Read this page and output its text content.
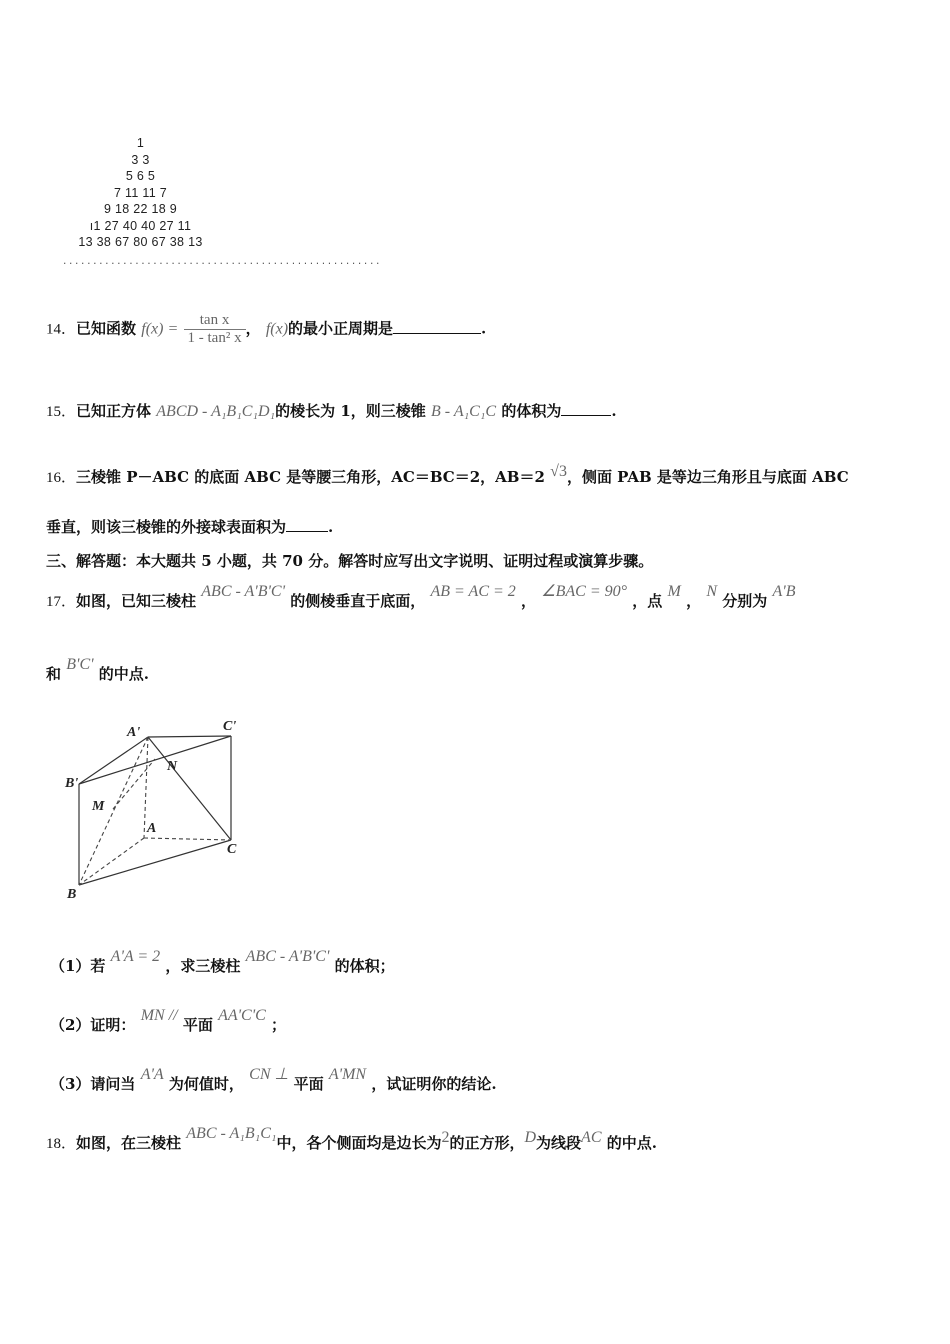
1
3 3
5 6 5
7 11 11 7
9 18 22 18 9
ı1 27 40 40 27 11
13 38 67 80 67 38 13
.....................................................
14．已知函数 $f(x) = \frac{\text{tan x}}{\text{1 - tan² x}}$ ， f(x)的最小正周期是	.
15．已知正方体 ABCD - A₁B₁C₁D₁的棱长为 1，则三棱锥 B - A₁C₁C 的体积为	.
16．三棱锥 P－ABC 的底面 ABC 是等腰三角形，AC＝BC＝2，AB＝2 √3，侧面 PAB 是等边三角形且与底面 ABC
垂直，则该三棱锥的外接球表面积为	.
三、解答题：本大题共 5 小题，共 70 分。解答时应写出文字说明、证明过程或演算步骤。
17．如图，已知三棱柱 ABC - A'B'C' 的侧棱垂直于底面， AB = AC = 2 ， ∠BAC = 90° ，点 M ， N 分别为 A'B
和 B'C' 的中点.
A'	C'
N
B'
M
A
C
B
（1）若 A'A = 2 ，求三棱柱 ABC - A'B'C' 的体积；
（2）证明： MN // 平面 AA'C'C ；
（3）请问当 A'A 为何值时， CN ⊥ 平面 A'MN ，试证明你的结论.
18．如图，在三棱柱 ABC - A₁B₁C₁中，各个侧面均是边长为2的正方形，D为线段AC 的中点.
